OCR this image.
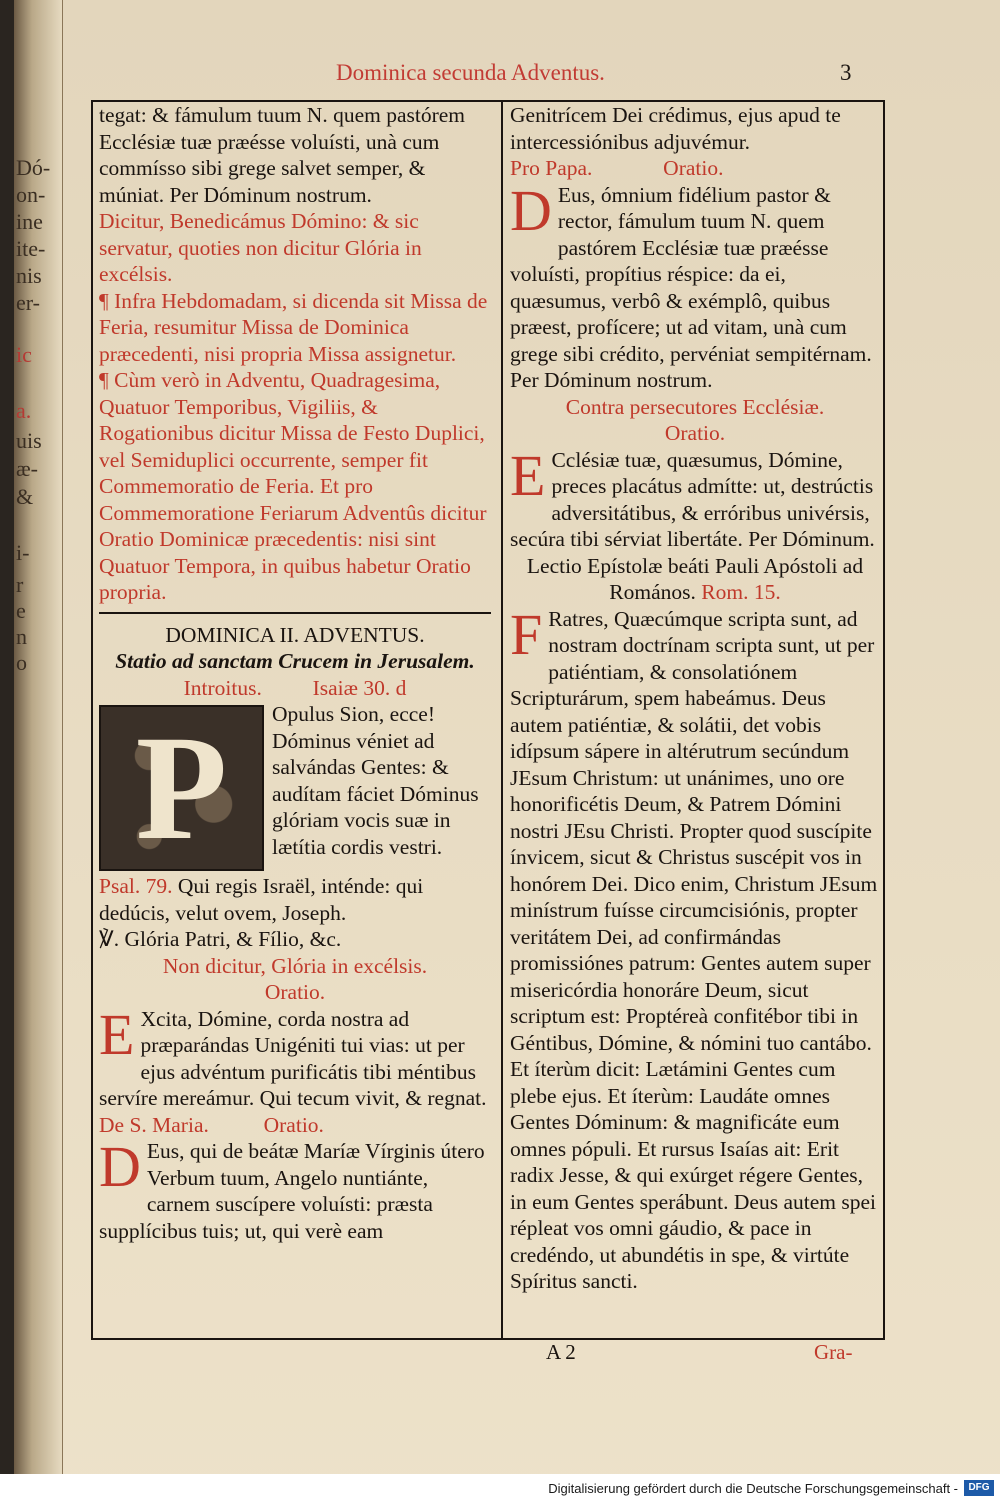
Dó-
on-
ine
ite-
nis
er-
ic
a.
uis
æ-
&
i-
r
e
n
o
Dominica secunda Adventus.	3

tegat: & fámulum tuum N. quem pastórem Ecclésiæ tuæ præésse voluísti, unà cum commísso sibi grege salvet semper, & múniat. Per Dóminum nostrum.

Dicitur, Benedicámus Dómino: & sic servatur, quoties non dicitur Glória in excélsis.

¶ Infra Hebdomadam, si dicenda sit Missa de Feria, resumitur Missa de Dominica præcedenti, nisi propria Missa assignetur.

¶ Cùm verò in Adventu, Quadragesima, Quatuor Temporibus, Vigiliis, & Rogationibus dicitur Missa de Festo Duplici, vel Semiduplici occurrente, semper fit Commemoratio de Feria. Et pro Commemoratione Feriarum Adventûs dicitur Oratio Dominicæ præcedentis: nisi sint Quatuor Tempora, in quibus habetur Oratio propria.

DOMINICA II. ADVENTUS.

Statio ad sanctam Crucem in Jerusalem.

Introitus. Isaiæ 30. d

P Opulus Sion, ecce! Dóminus véniet ad salvándas Gentes: & audítam fáciet Dóminus glóriam vocis suæ in lætítia cordis vestri.

Psal. 79. Qui regis Israël, inténde: qui dedúcis, velut ovem, Joseph.

℣. Glória Patri, & Fílio, &c.

Non dicitur, Glória in excélsis.

Oratio.

E Xcita, Dómine, corda nostra ad præparándas Unigéniti tui vias: ut per ejus advéntum purificátis tibi méntibus servíre mereámur. Qui tecum vivit, & regnat.

De S. Maria.	Oratio.

D Eus, qui de beátæ Maríæ Vírginis útero Verbum tuum, Angelo nuntiánte, carnem suscípere voluísti: præsta supplícibus tuis; ut, qui verè eam

Genitrícem Dei crédimus, ejus apud te intercessiónibus adjuvémur.

Pro Papa.	Oratio.

D Eus, ómnium fidélium pastor & rector, fámulum tuum N. quem pastórem Ecclésiæ tuæ præésse voluísti, propítius réspice: da ei, quæsumus, verbô & exémplô, quibus præest, profícere; ut ad vitam, unà cum grege sibi crédito, pervéniat sempitérnam. Per Dóminum nostrum.

Contra persecutores Ecclésiæ.

Oratio.

E Cclésiæ tuæ, quæsumus, Dómine, preces placátus admítte: ut, destrúctis adversitátibus, & erróribus univérsis, secúra tibi sérviat libertáte. Per Dóminum.

Lectio Epístolæ beáti Pauli Apóstoli ad Romános. Rom. 15.

F Ratres, Quæcúmque scripta sunt, ad nostram doctrínam scripta sunt, ut per patiéntiam, & consolatiónem Scripturárum, spem habeámus. Deus autem patiéntiæ, & solátii, det vobis idípsum sápere in altérutrum secúndum JEsum Christum: ut unánimes, uno ore honorificétis Deum, & Patrem Dómini nostri JEsu Christi. Propter quod suscípite ínvicem, sicut & Christus suscépit vos in honórem Dei. Dico enim, Christum JEsum minístrum fuísse circumcisiónis, propter veritátem Dei, ad confirmándas promissiónes patrum: Gentes autem super misericórdia honoráre Deum, sicut scriptum est: Proptéreà confitébor tibi in Géntibus, Dómine, & nómini tuo cantábo. Et íterùm dicit: Lætámini Gentes cum plebe ejus. Et íterùm: Laudáte omnes Gentes Dóminum: & magnificáte eum omnes pópuli. Et rursus Isaías ait: Erit radix Jesse, & qui exúrget régere Gentes, in eum Gentes sperábunt. Deus autem spei répleat vos omni gáudio, & pace in credéndo, ut abundétis in spe, & virtúte Spíritus sancti.

A 2	Gra-
Digitalisierung gefördert durch die Deutsche Forschungsgemeinschaft -	DFG
